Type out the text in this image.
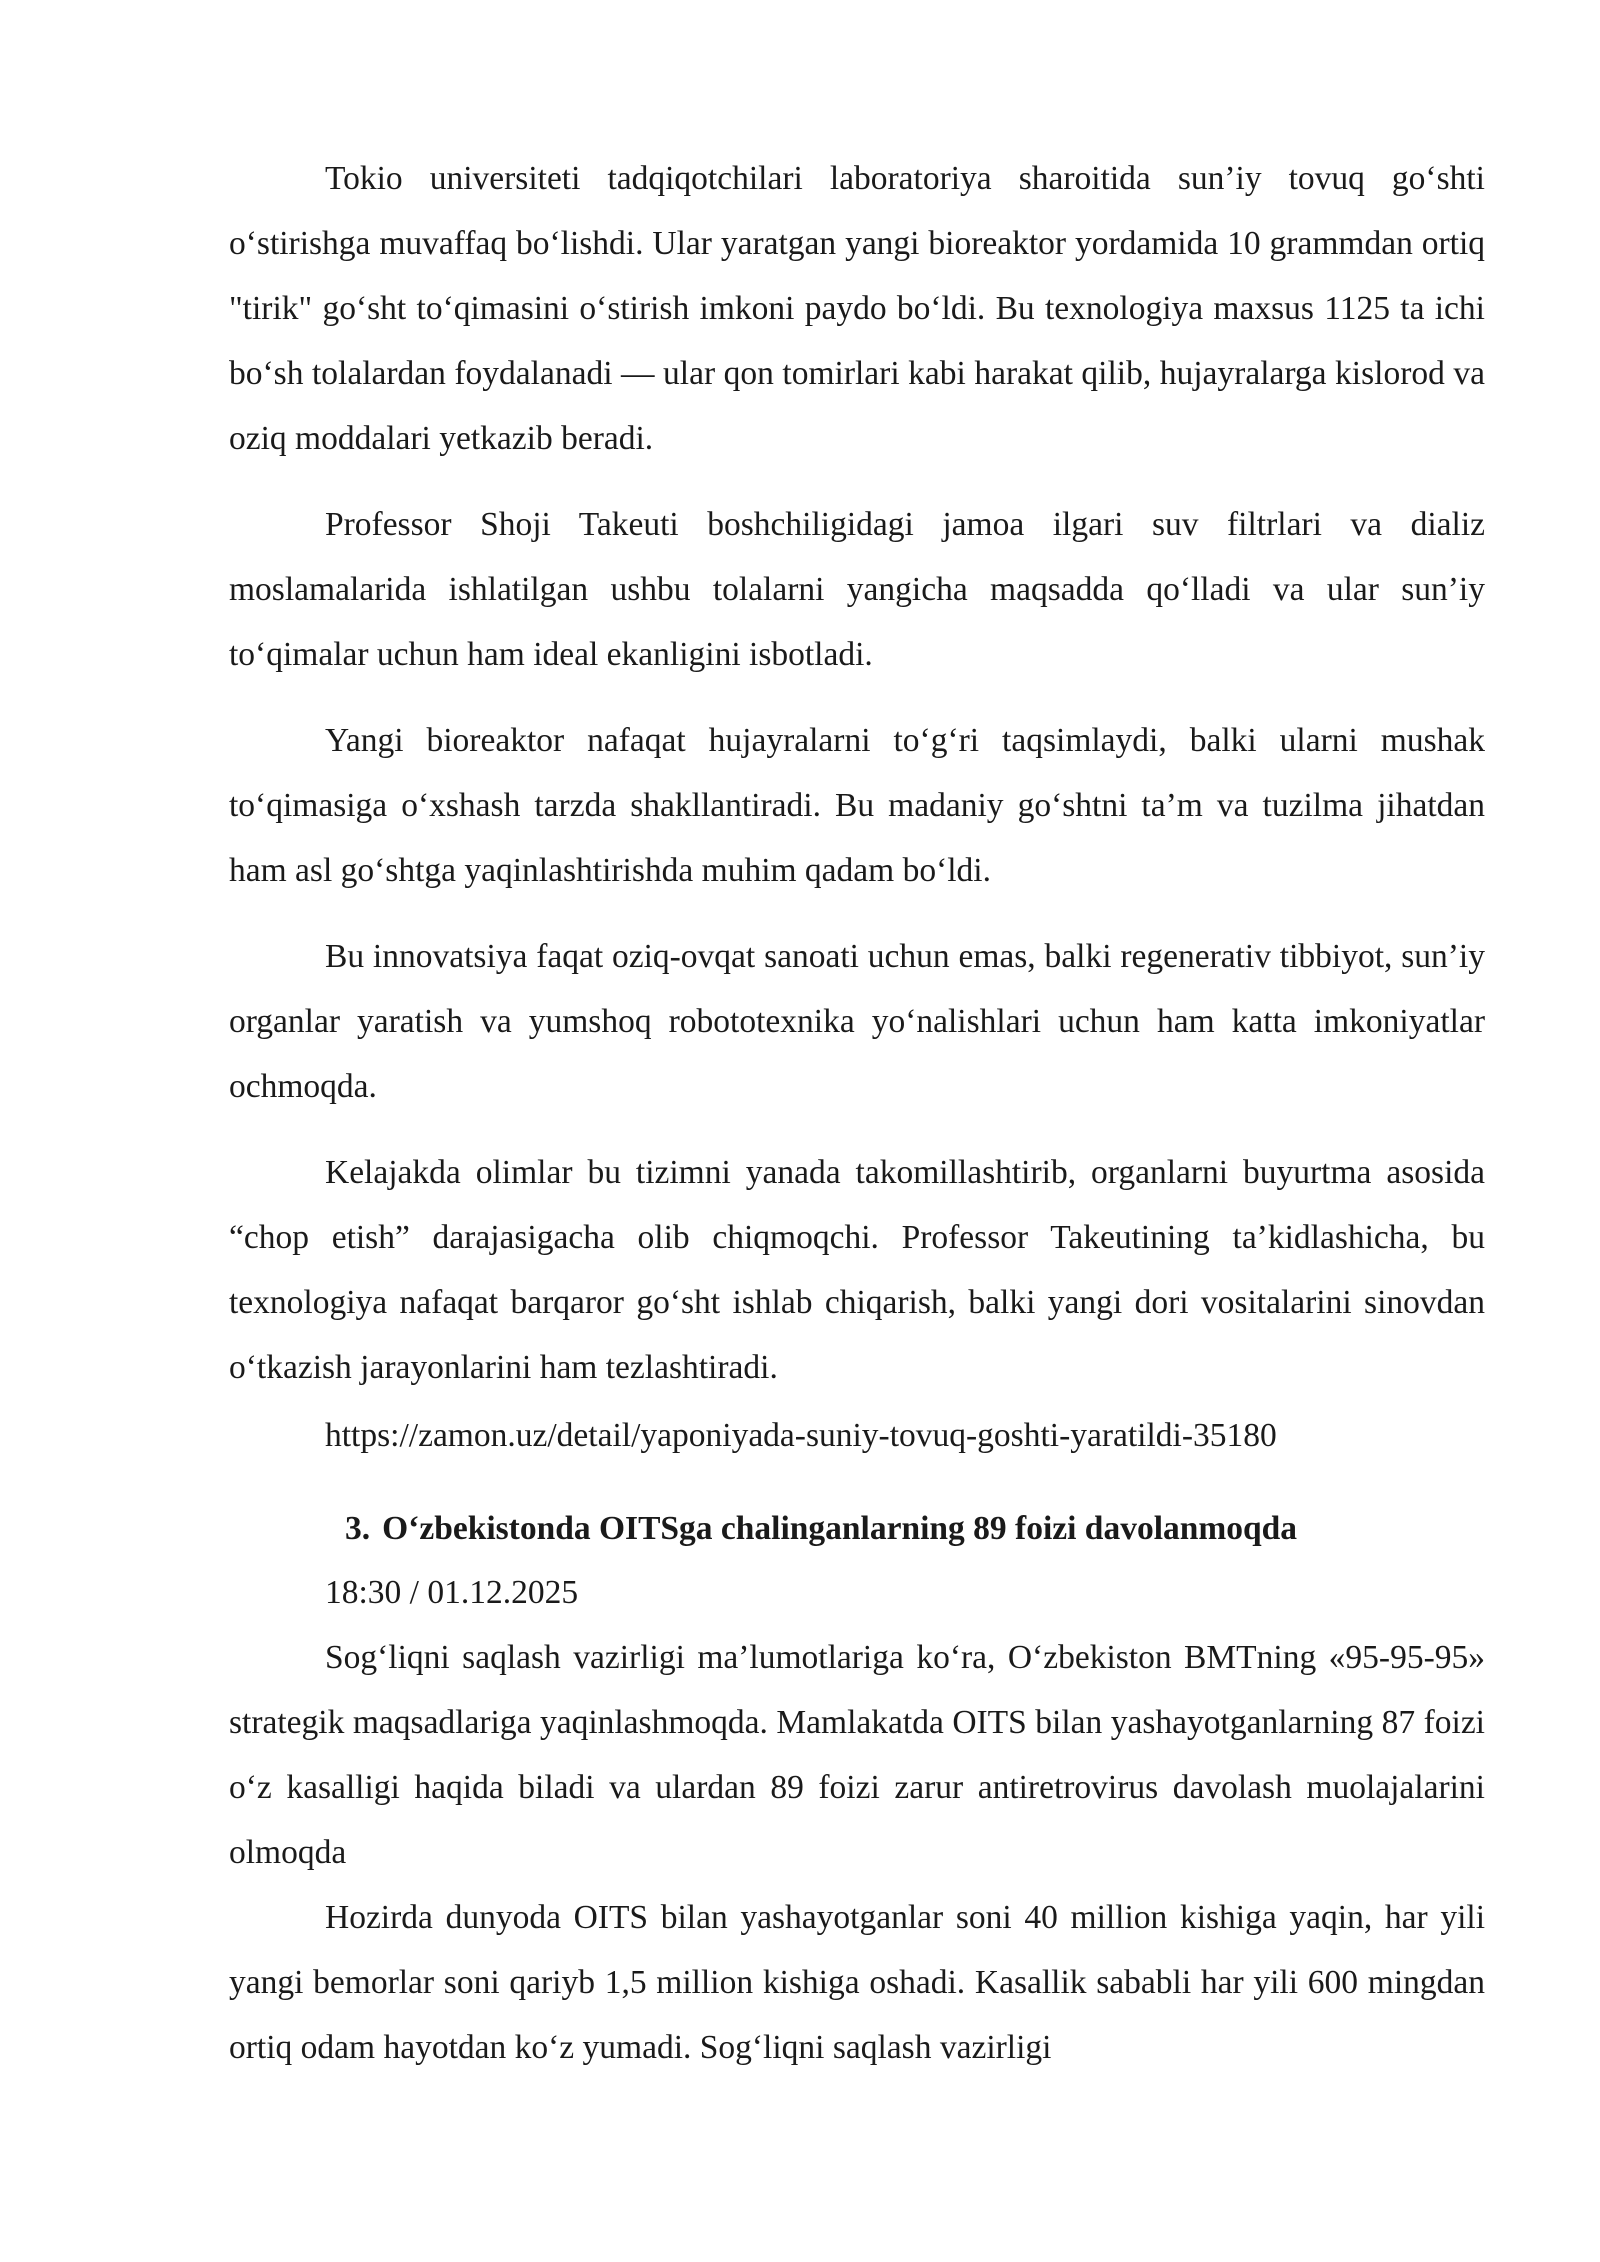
Tokio universiteti tadqiqotchilari laboratoriya sharoitida sun’iy tovuq go‘shti o‘stirishga muvaffaq bo‘lishdi. Ular yaratgan yangi bioreaktor yordamida 10 grammdan ortiq "tirik" go‘sht to‘qimasini o‘stirish imkoni paydo bo‘ldi. Bu texnologiya maxsus 1125 ta ichi bo‘sh tolalardan foydalanadi — ular qon tomirlari kabi harakat qilib, hujayralarga kislorod va oziq moddalari yetkazib beradi.

Professor Shoji Takeuti boshchiligidagi jamoa ilgari suv filtrlari va dializ moslamalarida ishlatilgan ushbu tolalarni yangicha maqsadda qo‘lladi va ular sun’iy to‘qimalar uchun ham ideal ekanligini isbotladi.

Yangi bioreaktor nafaqat hujayralarni to‘g‘ri taqsimlaydi, balki ularni mushak to‘qimasiga o‘xshash tarzda shakllantiradi. Bu madaniy go‘shtni ta’m va tuzilma jihatdan ham asl go‘shtga yaqinlashtirishda muhim qadam bo‘ldi.

Bu innovatsiya faqat oziq-ovqat sanoati uchun emas, balki regenerativ tibbiyot, sun’iy organlar yaratish va yumshoq robototexnika yo‘nalishlari uchun ham katta imkoniyatlar ochmoqda.

Kelajakda olimlar bu tizimni yanada takomillashtirib, organlarni buyurtma asosida “chop etish” darajasigacha olib chiqmoqchi. Professor Takeutining ta’kidlashicha, bu texnologiya nafaqat barqaror go‘sht ishlab chiqarish, balki yangi dori vositalarini sinovdan o‘tkazish jarayonlarini ham tezlashtiradi.

https://zamon.uz/detail/yaponiyada-suniy-tovuq-goshti-yaratildi-35180
3. O‘zbekistonda OITSga chalinganlarning 89 foizi davolanmoqda
18:30 / 01.12.2025

Sog‘liqni saqlash vazirligi ma’lumotlariga ko‘ra, O‘zbekiston BMTning «95-95-95» strategik maqsadlariga yaqinlashmoqda. Mamlakatda OITS bilan yashayotganlarning 87 foizi o‘z kasalligi haqida biladi va ulardan 89 foizi zarur antiretrovirus davolash muolajalarini olmoqda

Hozirda dunyoda OITS bilan yashayotganlar soni 40 million kishiga yaqin, har yili yangi bemorlar soni qariyb 1,5 million kishiga oshadi. Kasallik sababli har yili 600 mingdan ortiq odam hayotdan ko‘z yumadi. Sog‘liqni saqlash vazirligi
